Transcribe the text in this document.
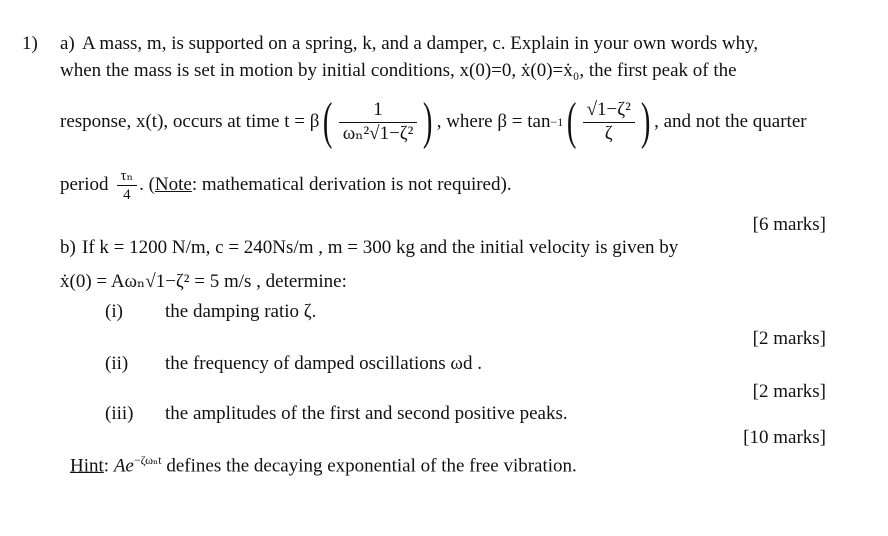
1) a) A mass, m, is supported on a spring, k, and a damper, c. Explain in your own words why,
when the mass is set in motion by initial conditions, x(0)=0, ẋ(0)=ẋ₀, the first peak of the
response, x(t), occurs at time t = β ( $\frac{1}{\text{ωₙ²√1−ζ²}}$ ) , where β = tan −1 ( $\frac{\text{√1−ζ²}}{\zeta}$ ) , and not the quarter
period $\frac{\text{τₙ}}{4}$ . ( Note : mathematical derivation is not required).
[6 marks]
b) If k = 1200 N/m, c = 240Ns/m , m = 300 kg and the initial velocity is given by
ẋ(0) = Aωₙ√1−ζ² = 5 m/s , determine:
(i) the damping ratio ζ.
[2 marks]
(ii) the frequency of damped oscillations ωd .
[2 marks]
(iii) the amplitudes of the first and second positive peaks.
[10 marks]
Hint: $Ae^{-\zeta\omega_nt}$ defines the decaying exponential of the free vibration.
